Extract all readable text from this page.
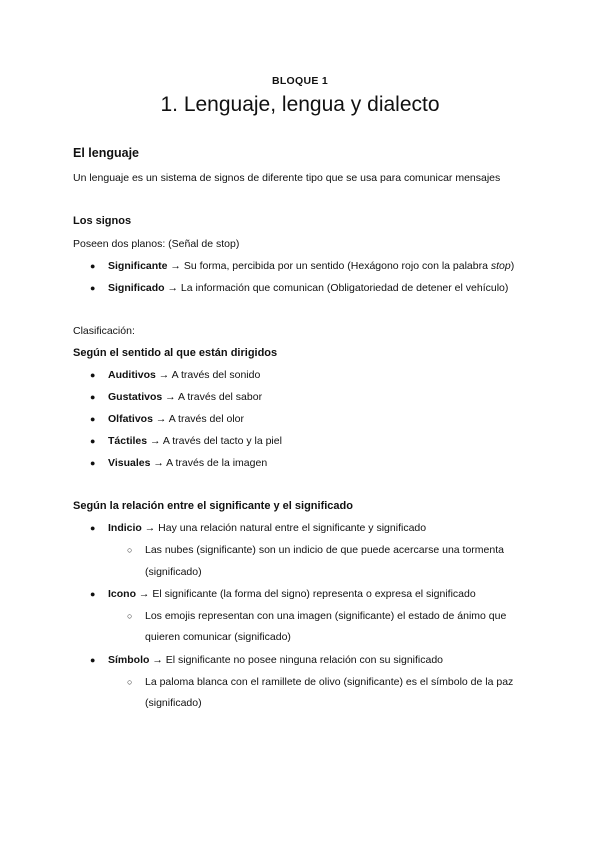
BLOQUE 1
1. Lenguaje, lengua y dialecto
El lenguaje
Un lenguaje es un sistema de signos de diferente tipo que se usa para comunicar mensajes
Los signos
Poseen dos planos: (Señal de stop)
● Significante → Su forma, percibida por un sentido (Hexágono rojo con la palabra stop)
● Significado → La información que comunican (Obligatoriedad de detener el vehículo)
Clasificación:
Según el sentido al que están dirigidos
● Auditivos → A través del sonido
● Gustativos → A través del sabor
● Olfativos → A través del olor
● Táctiles → A través del tacto y la piel
● Visuales → A través de la imagen
Según la relación entre el significante y el significado
● Indicio → Hay una relación natural entre el significante y significado
○ Las nubes (significante) son un indicio de que puede acercarse una tormenta
(significado)
● Icono → El significante (la forma del signo) representa o expresa el significado
○ Los emojis representan con una imagen (significante) el estado de ánimo que
quieren comunicar (significado)
● Símbolo → El significante no posee ninguna relación con su significado
○ La paloma blanca con el ramillete de olivo (significante) es el símbolo de la paz
(significado)
